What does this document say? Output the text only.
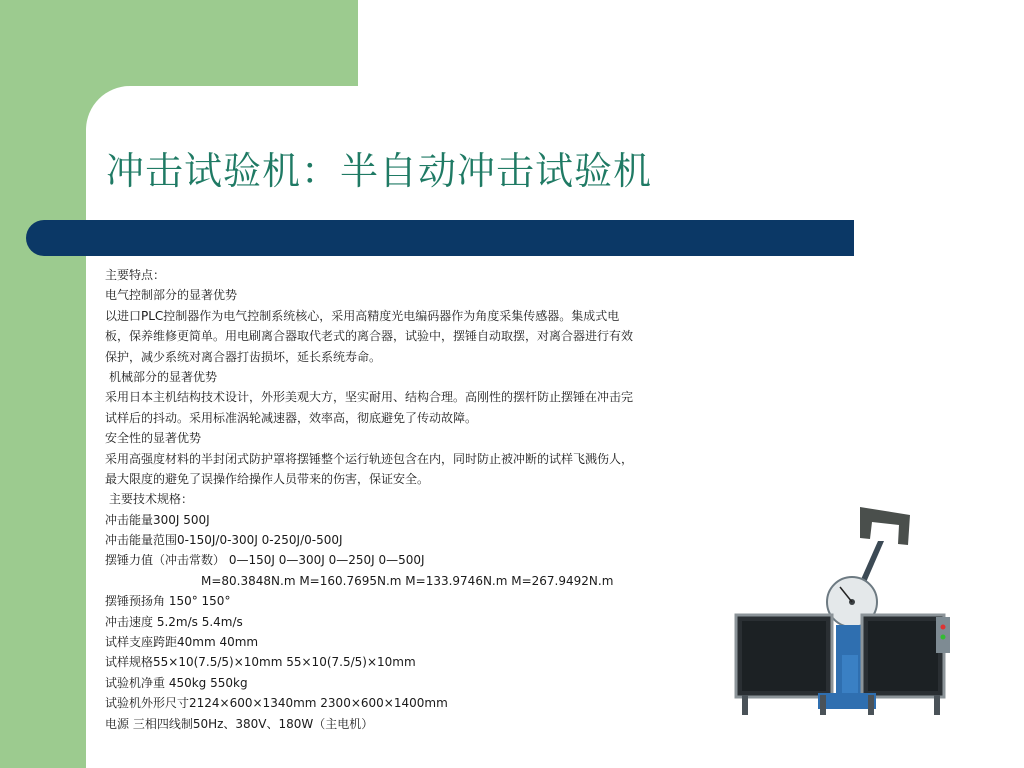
冲击试验机：半自动冲击试验机
主要特点：
电气控制部分的显著优势
以进口PLC控制器作为电气控制系统核心，采用高精度光电编码器作为角度采集传感器。集成式电
板，保养维修更简单。用电刷离合器取代老式的离合器，试验中，摆锤自动取摆，对离合器进行有效
保护，减少系统对离合器打齿损坏，延长系统寿命。
机械部分的显著优势
采用日本主机结构技术设计，外形美观大方，坚实耐用、结构合理。高刚性的摆杆防止摆锤在冲击完
试样后的抖动。采用标准涡轮减速器，效率高，彻底避免了传动故障。
安全性的显著优势
采用高强度材料的半封闭式防护罩将摆锤整个运行轨迹包含在内，同时防止被冲断的试样飞溅伤人，
最大限度的避免了误操作给操作人员带来的伤害，保证安全。
主要技术规格：
冲击能量300J 500J
冲击能量范围0-150J/0-300J 0-250J/0-500J
摆锤力值（冲击常数） 0—150J 0—300J 0—250J 0—500J
M=80.3848N.m M=160.7695N.m M=133.9746N.m M=267.9492N.m
摆锤预扬角 150° 150°
冲击速度 5.2m/s 5.4m/s
试样支座跨距40mm 40mm
试样规格55×10(7.5/5)×10mm 55×10(7.5/5)×10mm
试验机净重 450kg 550kg
试验机外形尺寸2124×600×1340mm 2300×600×1400mm
电源 三相四线制50Hz、380V、180W（主电机）
